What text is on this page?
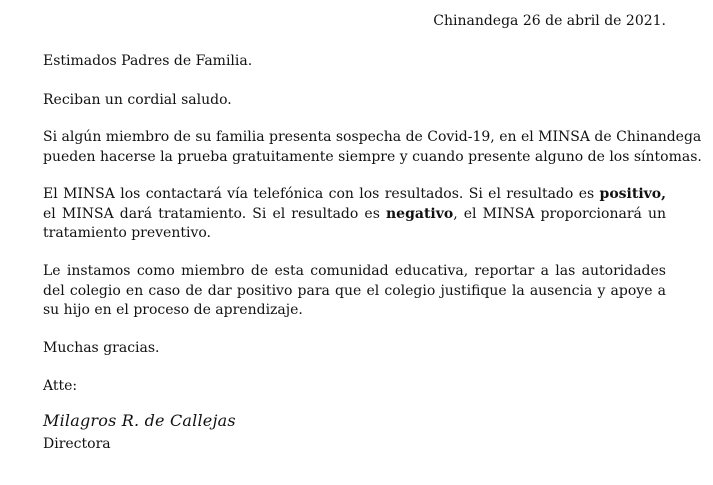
Chinandega 26 de abril de 2021.

Estimados Padres de Familia.

Reciban un cordial saludo.

Si algún miembro de su familia presenta sospecha de Covid-19, en el MINSA de Chinandega
pueden hacerse la prueba gratuitamente siempre y cuando presente alguno de los síntomas.

El MINSA los contactará vía telefónica con los resultados. Si el resultado es positivo, el MINSA dará tratamiento. Si el resultado es negativo, el MINSA proporcionará un tratamiento preventivo.

Le instamos como miembro de esta comunidad educativa, reportar a las autoridades del colegio en caso de dar positivo para que el colegio justifique la ausencia y apoye a su hijo en el proceso de aprendizaje.

Muchas gracias.

Atte:

Milagros R. de Callejas

Directora
